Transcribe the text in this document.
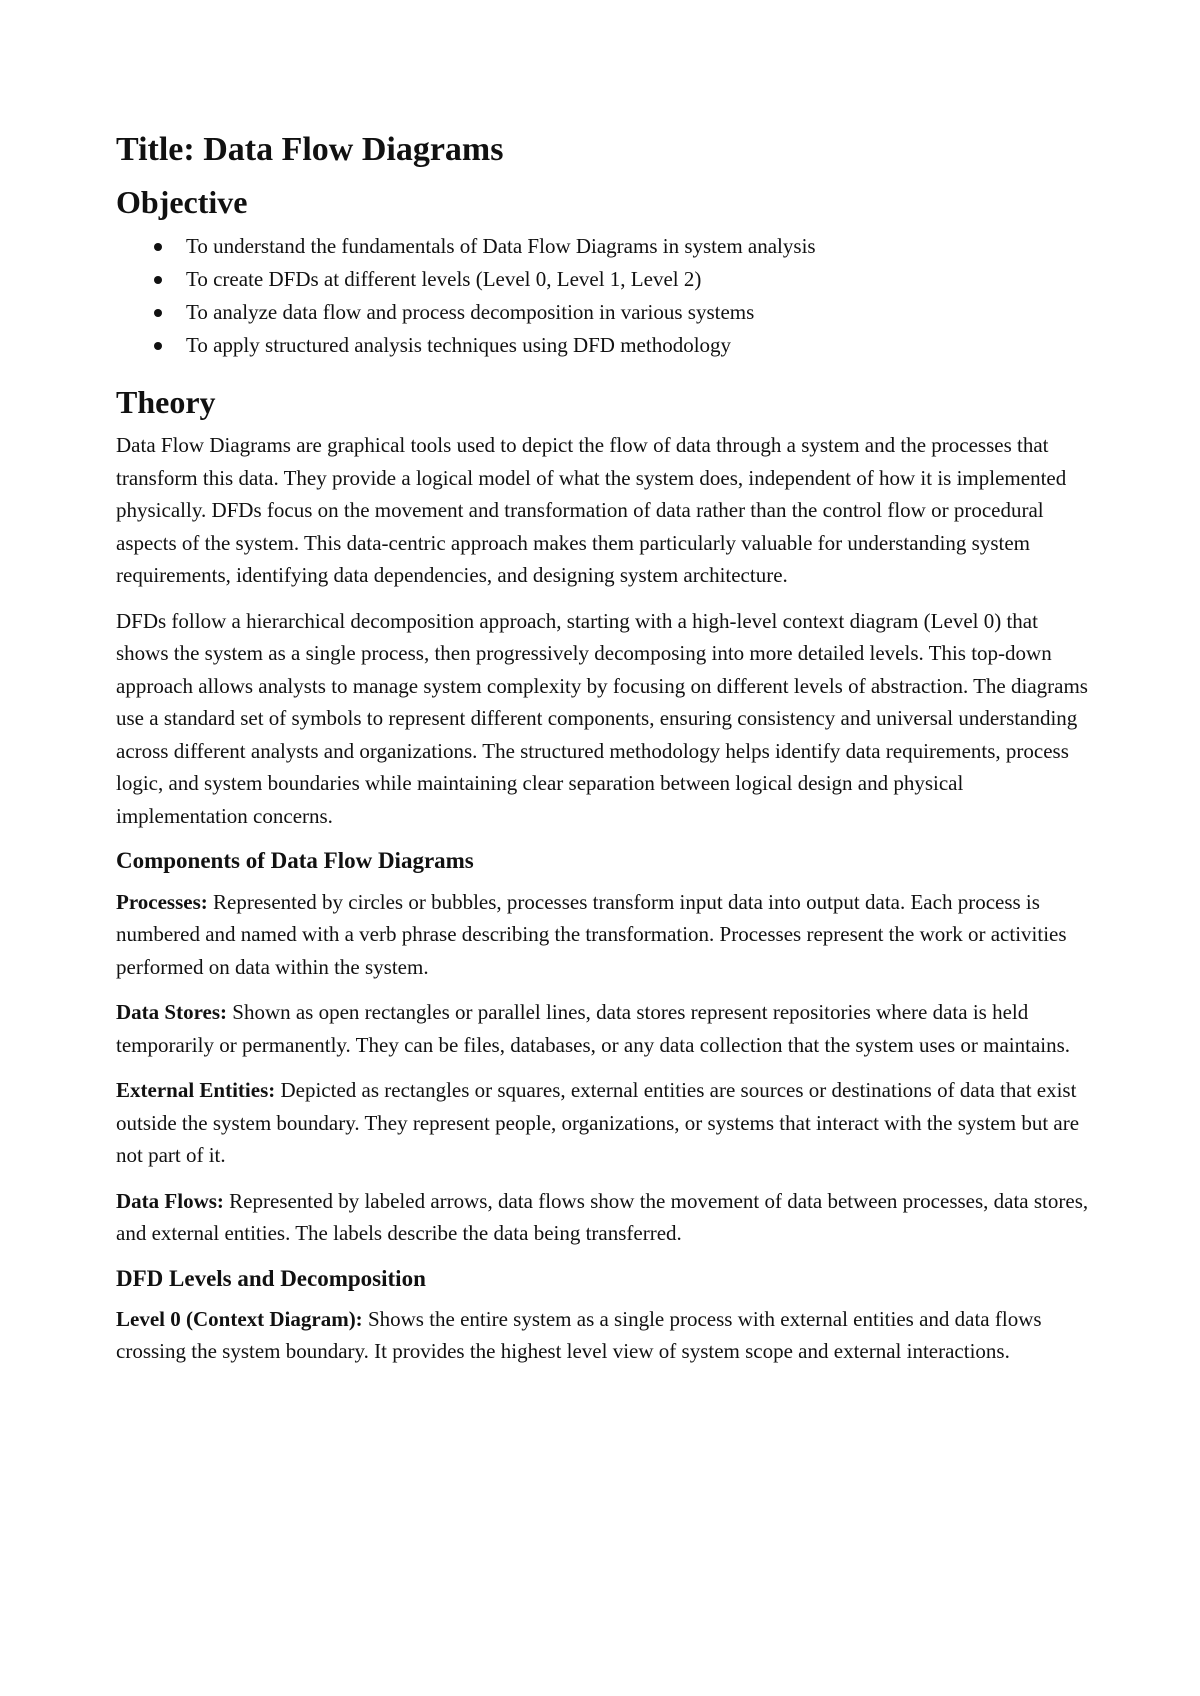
Title: Data Flow Diagrams
Objective
To understand the fundamentals of Data Flow Diagrams in system analysis
To create DFDs at different levels (Level 0, Level 1, Level 2)
To analyze data flow and process decomposition in various systems
To apply structured analysis techniques using DFD methodology
Theory

Data Flow Diagrams are graphical tools used to depict the flow of data through a system and the processes that transform this data. They provide a logical model of what the system does, independent of how it is implemented physically. DFDs focus on the movement and transformation of data rather than the control flow or procedural aspects of the system. This data-centric approach makes them particularly valuable for understanding system requirements, identifying data dependencies, and designing system architecture.

DFDs follow a hierarchical decomposition approach, starting with a high-level context diagram (Level 0) that shows the system as a single process, then progressively decomposing into more detailed levels. This top-down approach allows analysts to manage system complexity by focusing on different levels of abstraction. The diagrams use a standard set of symbols to represent different components, ensuring consistency and universal understanding across different analysts and organizations. The structured methodology helps identify data requirements, process logic, and system boundaries while maintaining clear separation between logical design and physical implementation concerns.

Components of Data Flow Diagrams

Processes: Represented by circles or bubbles, processes transform input data into output data. Each process is numbered and named with a verb phrase describing the transformation. Processes represent the work or activities performed on data within the system.

Data Stores: Shown as open rectangles or parallel lines, data stores represent repositories where data is held temporarily or permanently. They can be files, databases, or any data collection that the system uses or maintains.

External Entities: Depicted as rectangles or squares, external entities are sources or destinations of data that exist outside the system boundary. They represent people, organizations, or systems that interact with the system but are not part of it.

Data Flows: Represented by labeled arrows, data flows show the movement of data between processes, data stores, and external entities. The labels describe the data being transferred.

DFD Levels and Decomposition

Level 0 (Context Diagram): Shows the entire system as a single process with external entities and data flows crossing the system boundary. It provides the highest level view of system scope and external interactions.
